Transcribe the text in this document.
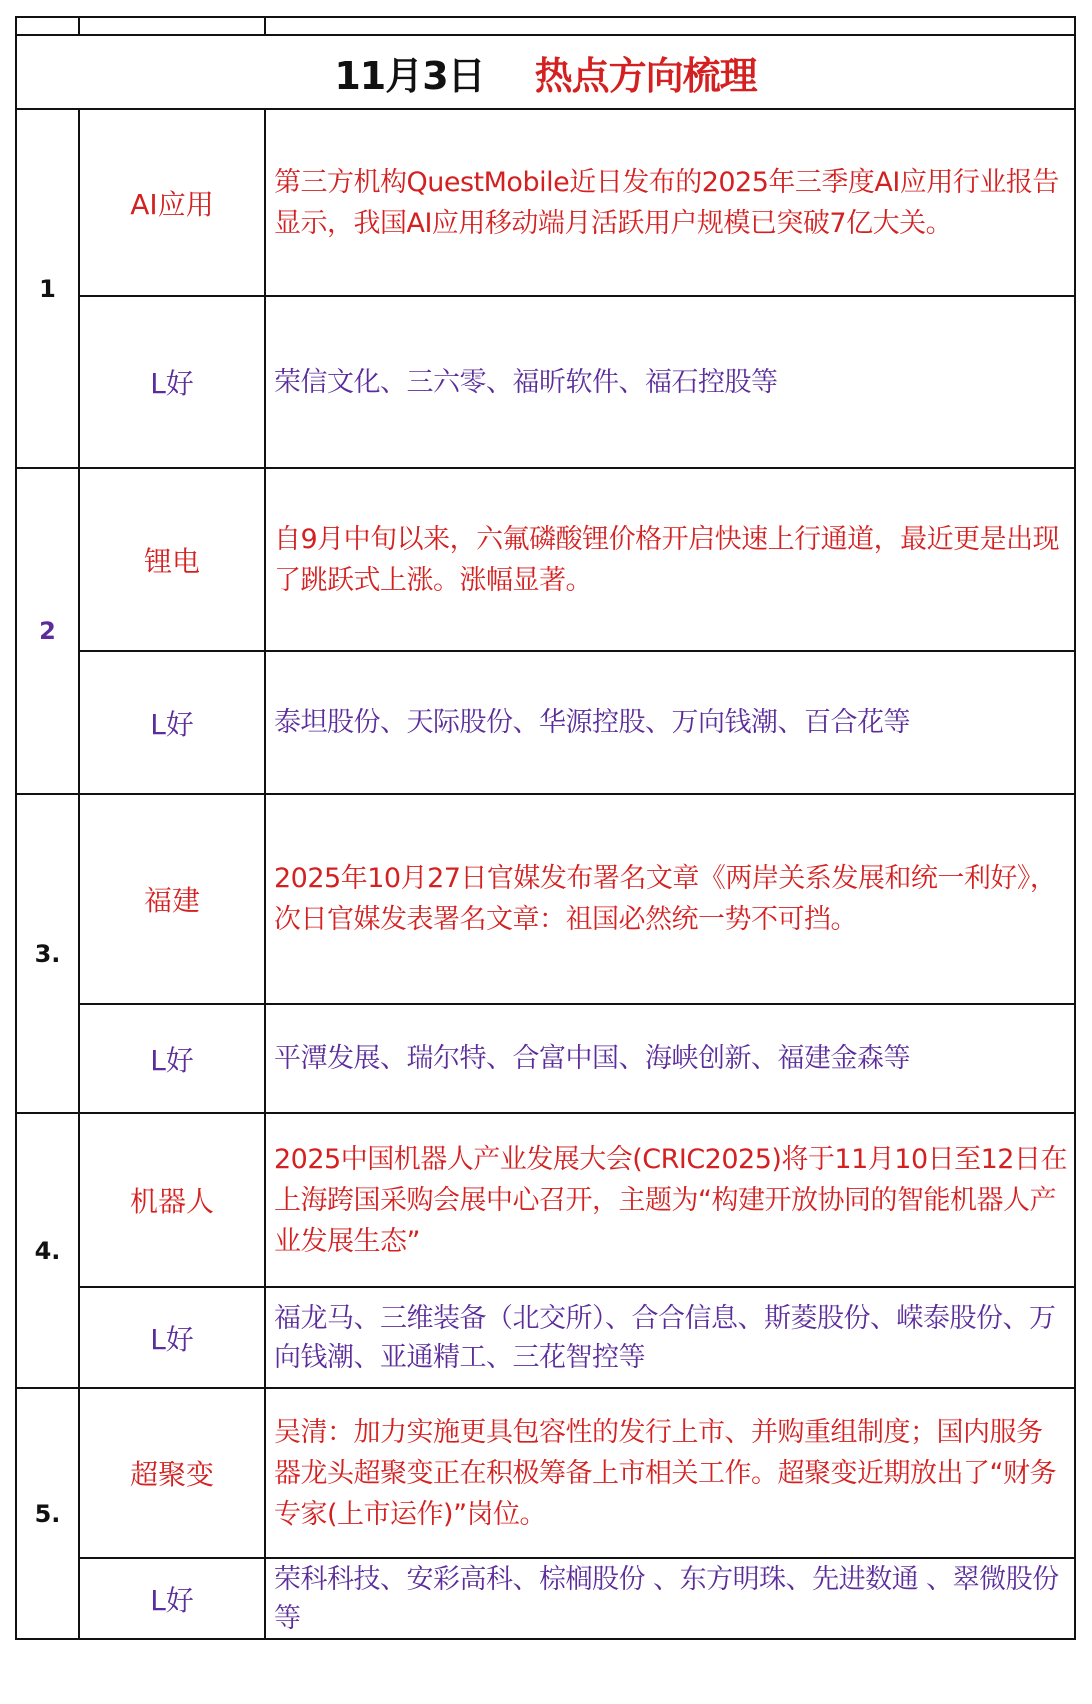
11月3日 热点方向梳理		
1	AI应用	第三方机构QuestMobile近日发布的2025年三季度AI应用行业报告显示，我国AI应用移动端月活跃用户规模已突破7亿大关。
	L好	荣信文化、三六零、福昕软件、福石控股等
2	锂电	自9月中旬以来，六氟磷酸锂价格开启快速上行通道，最近更是出现了跳跃式上涨。涨幅显著。
	L好	泰坦股份、天际股份、华源控股、万向钱潮、百合花等
3.	福建	2025年10月27日官媒发布署名文章《两岸关系发展和统一利好》，次日官媒发表署名文章：祖国必然统一势不可挡。
	L好	平潭发展、瑞尔特、合富中国、海峡创新、福建金森等
4.	机器人	2025中国机器人产业发展大会(CRIC2025)将于11月10日至12日在上海跨国采购会展中心召开，主题为“构建开放协同的智能机器人产业发展生态”
	L好	福龙马、三维装备（北交所）、合合信息、斯菱股份、嵘泰股份、万向钱潮、亚通精工、三花智控等
5.	超聚变	吴清：加力实施更具包容性的发行上市、并购重组制度；国内服务器龙头超聚变正在积极筹备上市相关工作。超聚变近期放出了“财务专家(上市运作)”岗位。
	L好	荣科科技、安彩高科、棕榈股份 、东方明珠、先进数通 、翠微股份等
